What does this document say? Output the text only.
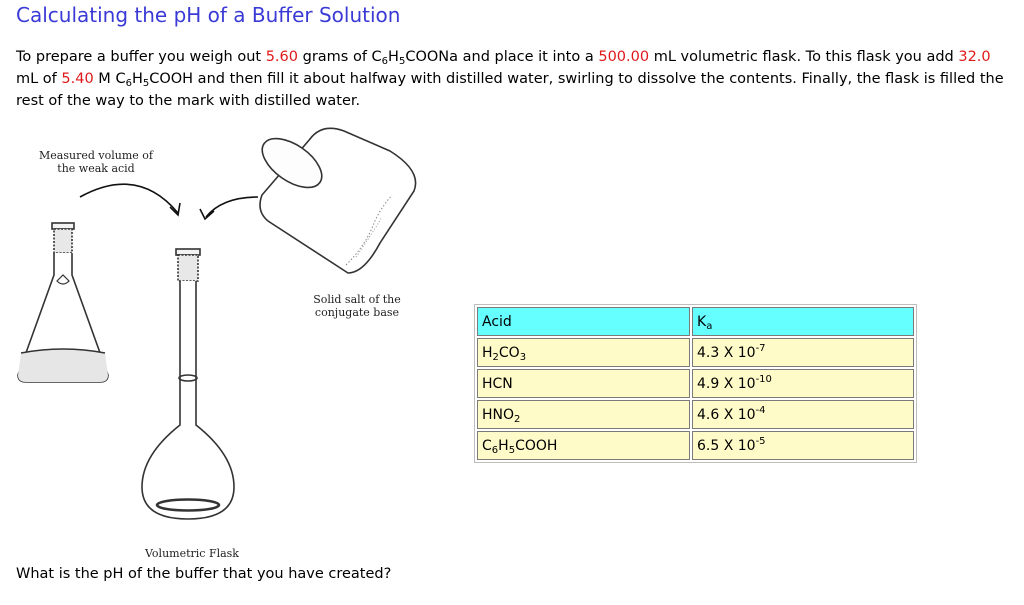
Calculating the pH of a Buffer Solution

To prepare a buffer you weigh out 5.60 grams of $C_6H_5COONa$ and place it into a 500.00 mL volumetric flask. To this flask you add 32.0 mL of 5.40 M $C_6H_5COOH$ and then fill it about halfway with distilled water, swirling to dissolve the contents. Finally, the flask is filled the rest of the way to the mark with distilled water.

Measured volume of
the weak acid
Solid salt of the
conjugate base
Volumetric Flask
Acid	$K_a$
$H_2CO_3$	4.3 X $10^{-7}$
HCN	4.9 X $10^{-10}$
$HNO_2$	4.6 X $10^{-4}$
$C_6H_5COOH$	6.5 X $10^{-5}$

What is the pH of the buffer that you have created?
